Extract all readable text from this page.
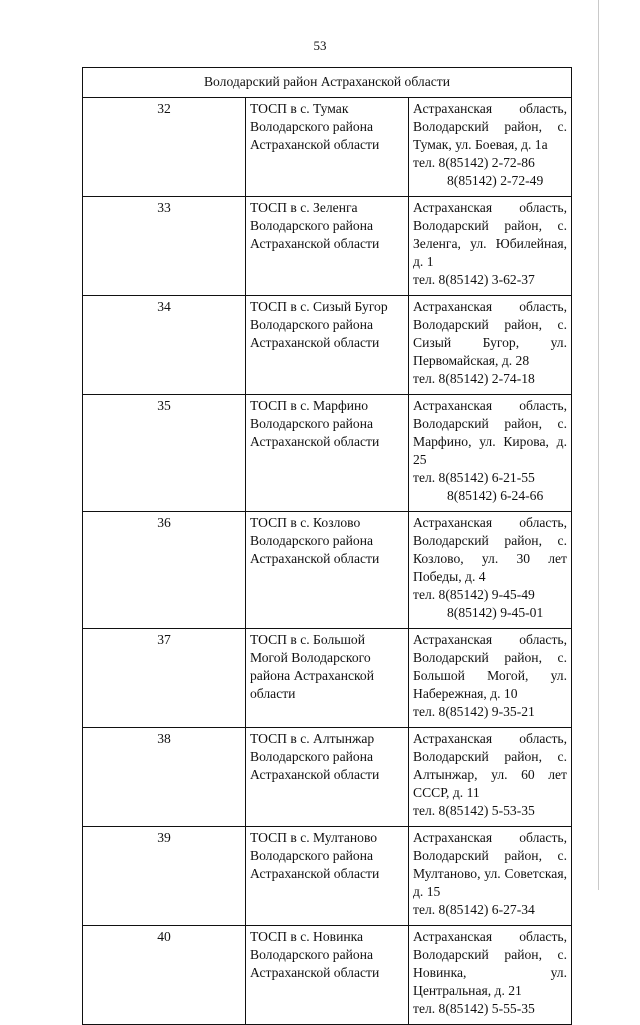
53
Володарский район Астраханской области		
32	ТОСП в с. Тумак Володарского района Астраханской области	Астраханская область, Володарский район, с. Тумак, ул. Боевая, д. 1а
тел. 8(85142) 2-72-86
8(85142) 2-72-49

33	ТОСП в с. Зеленга Володарского района Астраханской области	Астраханская область, Володарский район, с. Зеленга, ул. Юбилейная, д. 1
тел. 8(85142) 3-62-37

34	ТОСП в с. Сизый Бугор Володарского района Астраханской области	Астраханская область, Володарский район, с. Сизый Бугор, ул. Первомайская, д. 28
тел. 8(85142) 2-74-18

35	ТОСП в с. Марфино Володарского района Астраханской области	Астраханская область, Володарский район, с. Марфино, ул. Кирова, д. 25
тел. 8(85142) 6-21-55
8(85142) 6-24-66

36	ТОСП в с. Козлово Володарского района Астраханской области	Астраханская область, Володарский район, с. Козлово, ул. 30 лет Победы, д. 4
тел. 8(85142) 9-45-49
8(85142) 9-45-01

37	ТОСП в с. Большой Могой Володарского района Астраханской области	Астраханская область, Володарский район, с. Большой Могой, ул. Набережная, д. 10
тел. 8(85142) 9-35-21

38	ТОСП в с. Алтынжар Володарского района Астраханской области	Астраханская область, Володарский район, с. Алтынжар, ул. 60 лет СССР, д. 11
тел. 8(85142) 5-53-35

39	ТОСП в с. Мултаново Володарского района Астраханской области	Астраханская область, Володарский район, с. Мултаново, ул. Советская, д. 15
тел. 8(85142) 6-27-34

40	ТОСП в с. Новинка Володарского района Астраханской области	Астраханская область, Володарский район, с. Новинка, ул. Центральная, д. 21
тел. 8(85142) 5-55-35
